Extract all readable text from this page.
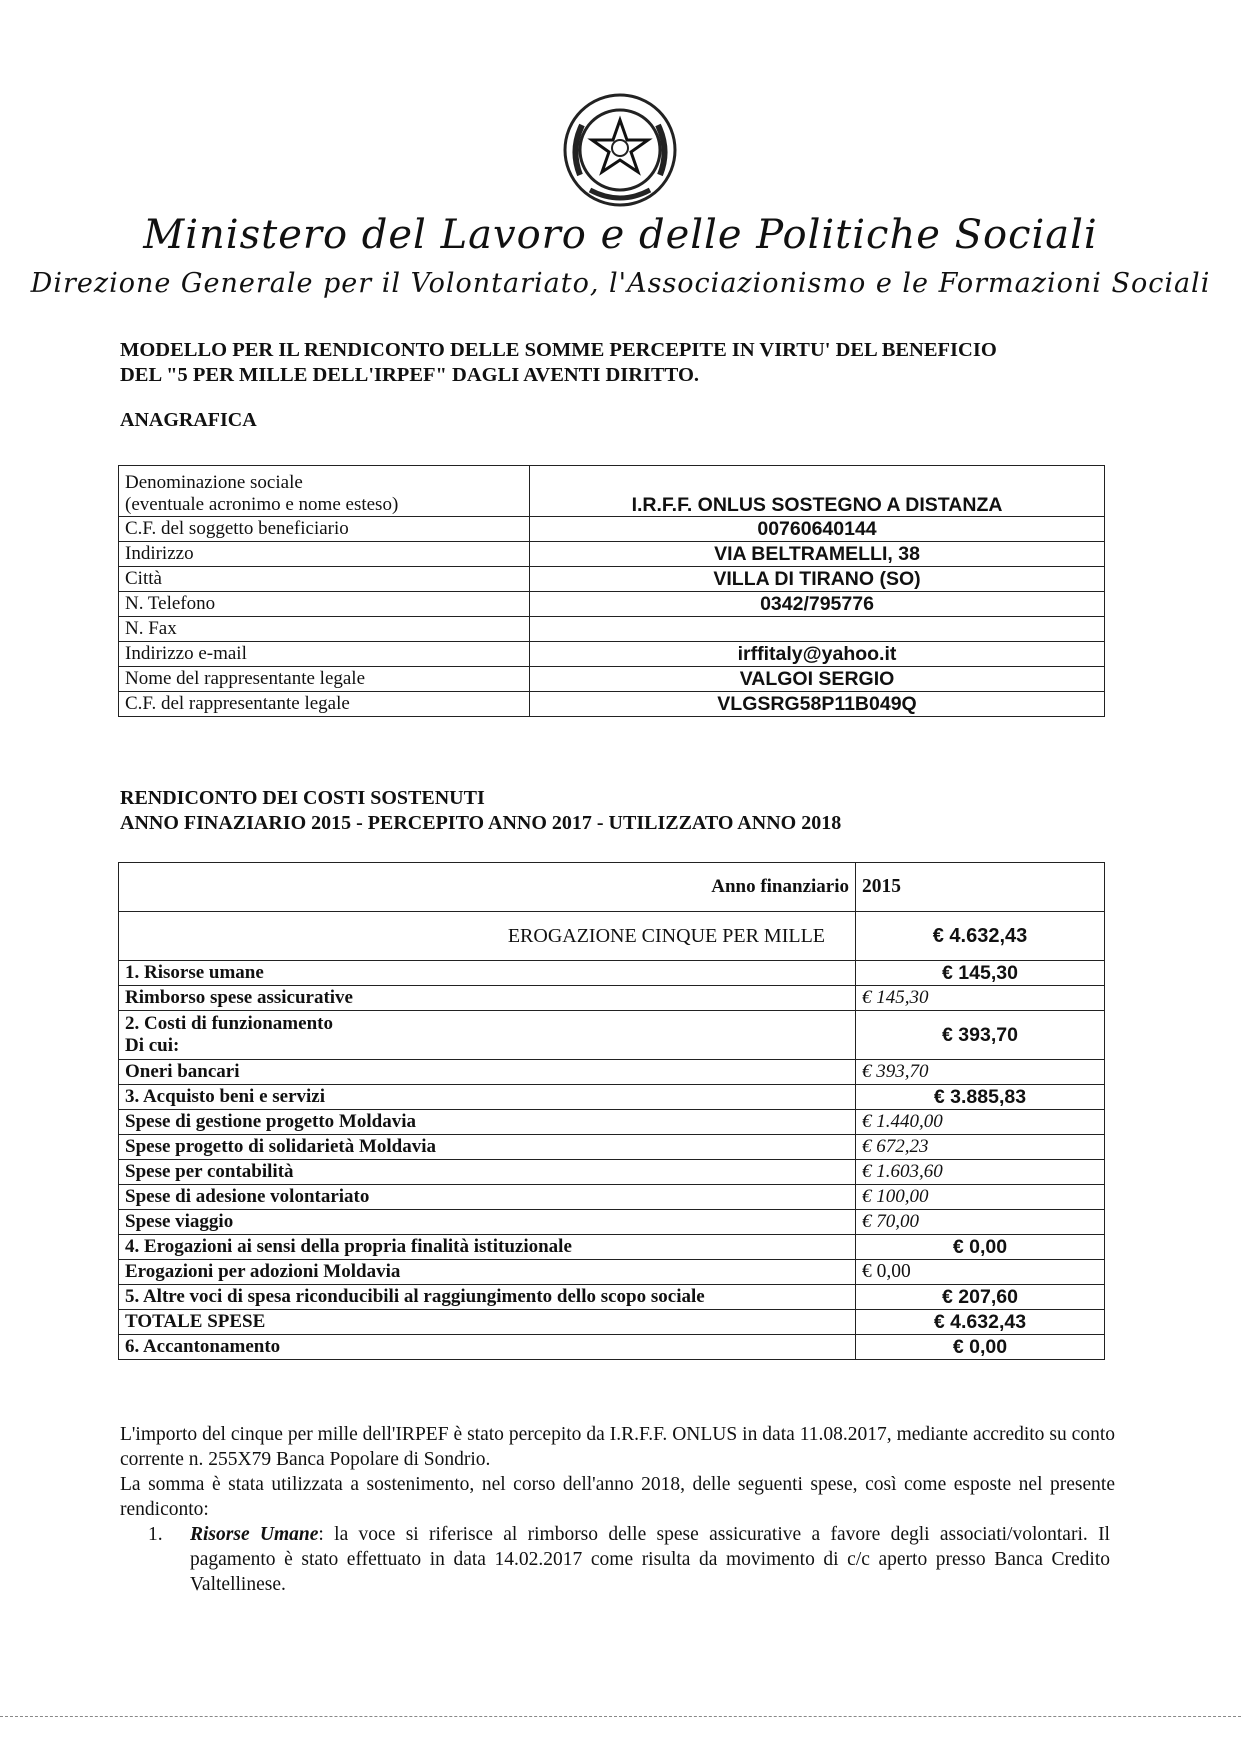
Ministero del Lavoro e delle Politiche Sociali
Direzione Generale per il Volontariato, l'Associazionismo e le Formazioni Sociali
MODELLO PER IL RENDICONTO DELLE SOMME PERCEPITE IN VIRTU' DEL BENEFICIO
DEL "5 PER MILLE DELL'IRPEF" DAGLI AVENTI DIRITTO.
ANAGRAFICA
Denominazione sociale
(eventuale acronimo e nome esteso)	I.R.F.F. ONLUS SOSTEGNO A DISTANZA
C.F. del soggetto beneficiario	00760640144
Indirizzo	VIA BELTRAMELLI, 38
Città	VILLA DI TIRANO (SO)
N. Telefono	0342/795776
N. Fax	
Indirizzo e-mail	irffitaly@yahoo.it
Nome del rappresentante legale	VALGOI SERGIO
C.F. del rappresentante legale	VLGSRG58P11B049Q
RENDICONTO DEI COSTI SOSTENUTI
ANNO FINAZIARIO 2015 - PERCEPITO ANNO 2017 - UTILIZZATO ANNO 2018
Anno finanziario	2015
EROGAZIONE CINQUE PER MILLE	€ 4.632,43
1. Risorse umane	€ 145,30
Rimborso spese assicurative	€ 145,30

2. Costi di funzionamento
Di cui:	€ 393,70
Oneri bancari	€ 393,70
3. Acquisto beni e servizi	€ 3.885,83
Spese di gestione progetto Moldavia	€ 1.440,00
Spese progetto di solidarietà Moldavia	€ 672,23
Spese per contabilità	€ 1.603,60
Spese di adesione volontariato	€ 100,00
Spese viaggio	€ 70,00
4. Erogazioni ai sensi della propria finalità istituzionale	€ 0,00
Erogazioni per adozioni Moldavia	€ 0,00
5. Altre voci di spesa riconducibili al raggiungimento dello scopo sociale	€ 207,60
TOTALE SPESE	€ 4.632,43
6. Accantonamento	€ 0,00
L'importo del cinque per mille dell'IRPEF è stato percepito da I.R.F.F. ONLUS in data 11.08.2017, mediante accredito su conto corrente n. 255X79 Banca Popolare di Sondrio.
La somma è stata utilizzata a sostenimento, nel corso dell'anno 2018, delle seguenti spese, così come esposte nel presente rendiconto:
1. Risorse Umane: la voce si riferisce al rimborso delle spese assicurative a favore degli associati/volontari. Il pagamento è stato effettuato in data 14.02.2017 come risulta da movimento di c/c aperto presso Banca Credito Valtellinese.
